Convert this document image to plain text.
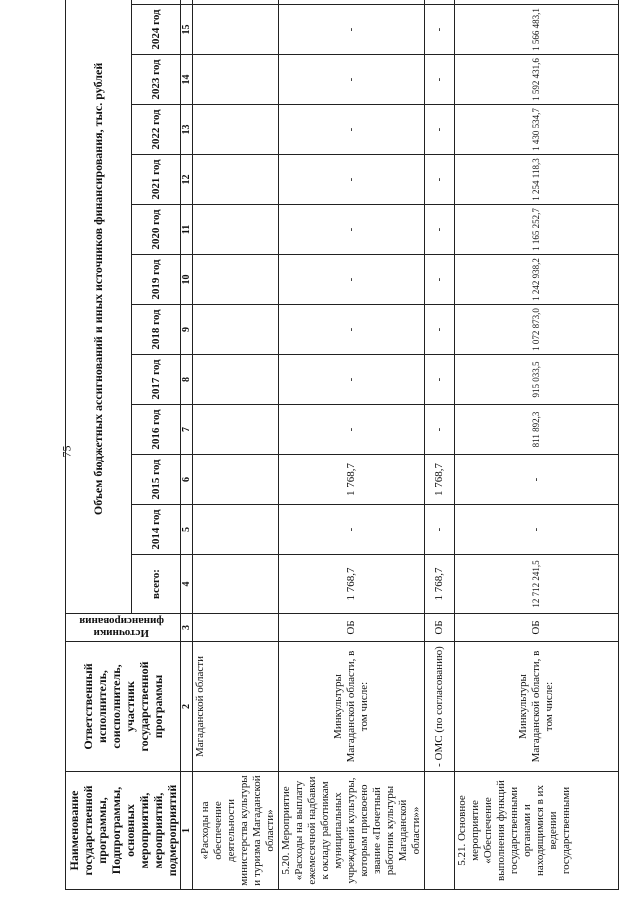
75
Наименование государственной программы, Подпрограммы, основных мероприятий, мероприятий, подмероприятий	Ответственный исполнитель, соисполнитель, участник государственной программы	Источники финансирования	Объем бюджетных ассигнований и иных источников финансирования, тыс. рублей												
			всего:	2014 год	2015 год	2016 год	2017 год	2018 год	2019 год	2020 год	2021 год	2022 год	2023 год	2024 год	
1	2	3	4	5	6	7	8	9	10	11	12	13	14	15	
«Расходы на обеспечение деятельности министерства культуры и туризма Магаданской области»	Магаданской области														
5.20. Мероприятие «Расходы на выплату ежемесячной надбавки к окладу работникам муниципальных учреждений культуры, которым присвоено звание «Почетный работник культуры Магаданской области»»	Минкультуры Магаданской области, в том числе:	ОБ	1 768,7	-	1 768,7	-	-	-	-	-	-	-	-	-	
	- ОМС (по согласованию)	ОБ	1 768,7	-	1 768,7	-	-	-	-	-	-	-	-	-	
5.21. Основное мероприятие «Обеспечение выполнения функций государственными органами и находящимися в их ведении государственными	Минкультуры Магаданской области, в том числе:	ОБ	12 712 241,5	-	-	811 892,3	915 033,5	1 072 873,0	1 242 938,2	1 165 252,7	1 254 118,3	1 430 534,7	1 592 431,6	1 566 483,1	
